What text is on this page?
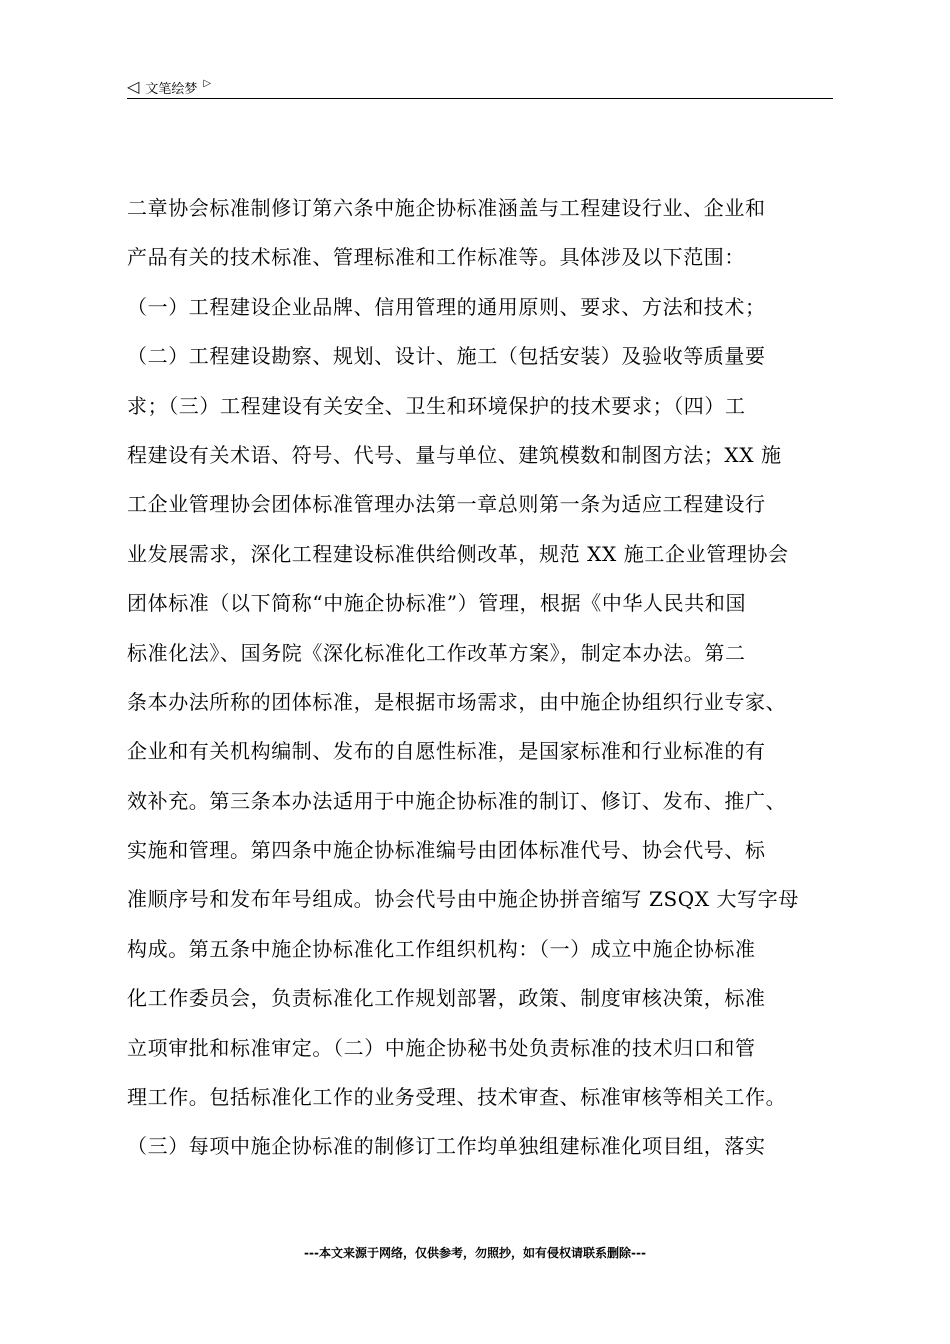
◁ 文笔绘梦 ▷
二章协会标准制修订第六条中施企协标准涵盖与工程建设行业、企业和
产品有关的技术标准、管理标准和工作标准等。具体涉及以下范围：
（一）工程建设企业品牌、信用管理的通用原则、要求、方法和技术；
（二）工程建设勘察、规划、设计、施工（包括安装）及验收等质量要
求；（三）工程建设有关安全、卫生和环境保护的技术要求；（四）工
程建设有关术语、符号、代号、量与单位、建筑模数和制图方法；XX 施
工企业管理协会团体标准管理办法第一章总则第一条为适应工程建设行
业发展需求，深化工程建设标准供给侧改革，规范 XX 施工企业管理协会
团体标准（以下简称“中施企协标准”）管理，根据《中华人民共和国
标准化法》、国务院《深化标准化工作改革方案》，制定本办法。第二
条本办法所称的团体标准，是根据市场需求，由中施企协组织行业专家、
企业和有关机构编制、发布的自愿性标准，是国家标准和行业标准的有
效补充。第三条本办法适用于中施企协标准的制订、修订、发布、推广、
实施和管理。第四条中施企协标准编号由团体标准代号、协会代号、标
准顺序号和发布年号组成。协会代号由中施企协拼音缩写 ZSQX 大写字母
构成。第五条中施企协标准化工作组织机构：（一）成立中施企协标准
化工作委员会，负责标准化工作规划部署，政策、制度审核决策，标准
立项审批和标准审定。（二）中施企协秘书处负责标准的技术归口和管
理工作。包括标准化工作的业务受理、技术审查、标准审核等相关工作。
（三）每项中施企协标准的制修订工作均单独组建标准化项目组，落实
---本文来源于网络，仅供参考，勿照抄，如有侵权请联系删除---
